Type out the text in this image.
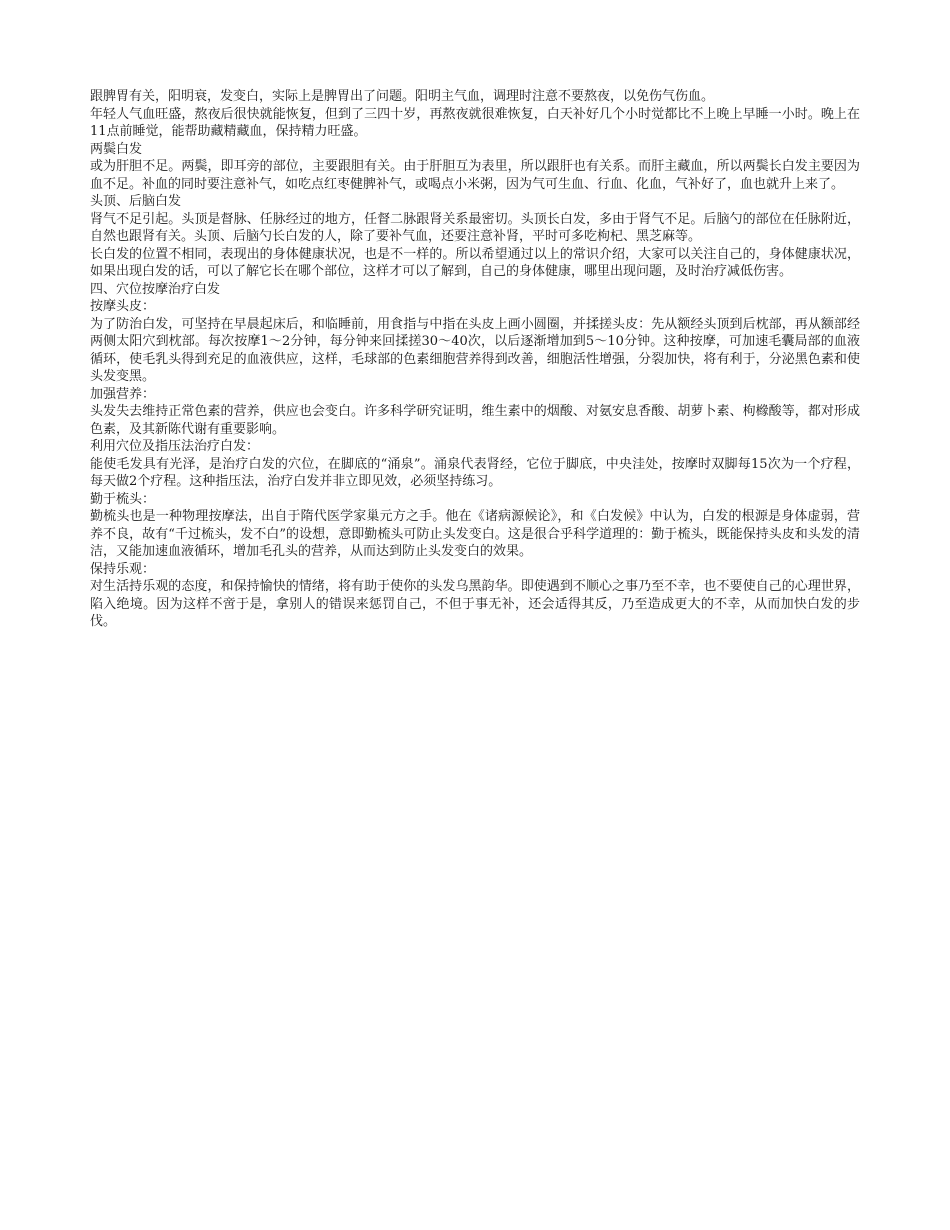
跟脾胃有关，阳明衰，发变白，实际上是脾胃出了问题。阳明主气血，调理时注意不要熬夜，以免伤气伤血。

年轻人气血旺盛，熬夜后很快就能恢复，但到了三四十岁，再熬夜就很难恢复，白天补好几个小时觉都比不上晚上早睡一小时。晚上在11点前睡觉，能帮助藏精藏血，保持精力旺盛。

两鬓白发

或为肝胆不足。两鬓，即耳旁的部位，主要跟胆有关。由于肝胆互为表里，所以跟肝也有关系。而肝主藏血，所以两鬓长白发主要因为血不足。补血的同时要注意补气，如吃点红枣健脾补气，或喝点小米粥，因为气可生血、行血、化血，气补好了，血也就升上来了。

头顶、后脑白发

肾气不足引起。头顶是督脉、任脉经过的地方，任督二脉跟肾关系最密切。头顶长白发，多由于肾气不足。后脑勺的部位在任脉附近，自然也跟肾有关。头顶、后脑勺长白发的人，除了要补气血，还要注意补肾，平时可多吃枸杞、黑芝麻等。

长白发的位置不相同，表现出的身体健康状况，也是不一样的。所以希望通过以上的常识介绍，大家可以关注自己的，身体健康状况，如果出现白发的话，可以了解它长在哪个部位，这样才可以了解到，自己的身体健康，哪里出现问题，及时治疗减低伤害。

四、穴位按摩治疗白发

按摩头皮：

为了防治白发，可坚持在早晨起床后，和临睡前，用食指与中指在头皮上画小圆圈，并揉搓头皮：先从额经头顶到后枕部，再从额部经两侧太阳穴到枕部。每次按摩1～2分钟，每分钟来回揉搓30～40次，以后逐渐增加到5～10分钟。这种按摩，可加速毛囊局部的血液循环，使毛乳头得到充足的血液供应，这样，毛球部的色素细胞营养得到改善，细胞活性增强，分裂加快，将有利于，分泌黑色素和使头发变黑。

加强营养：

头发失去维持正常色素的营养，供应也会变白。许多科学研究证明，维生素中的烟酸、对氨安息香酸、胡萝卜素、枸橼酸等，都对形成色素，及其新陈代谢有重要影响。

利用穴位及指压法治疗白发：

能使毛发具有光泽，是治疗白发的穴位，在脚底的“涌泉”。涌泉代表肾经，它位于脚底，中央洼处，按摩时双脚每15次为一个疗程，每天做2个疗程。这种指压法，治疗白发并非立即见效，必须坚持练习。

勤于梳头：

勤梳头也是一种物理按摩法，出自于隋代医学家巢元方之手。他在《诸病源候论》，和《白发候》中认为，白发的根源是身体虚弱，营养不良，故有“千过梳头，发不白”的设想，意即勤梳头可防止头发变白。这是很合乎科学道理的：勤于梳头，既能保持头皮和头发的清洁，又能加速血液循环，增加毛孔头的营养，从而达到防止头发变白的效果。

保持乐观：

对生活持乐观的态度，和保持愉快的情绪，将有助于使你的头发乌黑韵华。即使遇到不顺心之事乃至不幸，也不要使自己的心理世界，陷入绝境。因为这样不啻于是，拿别人的错误来惩罚自己，不但于事无补，还会适得其反，乃至造成更大的不幸，从而加快白发的步伐。
